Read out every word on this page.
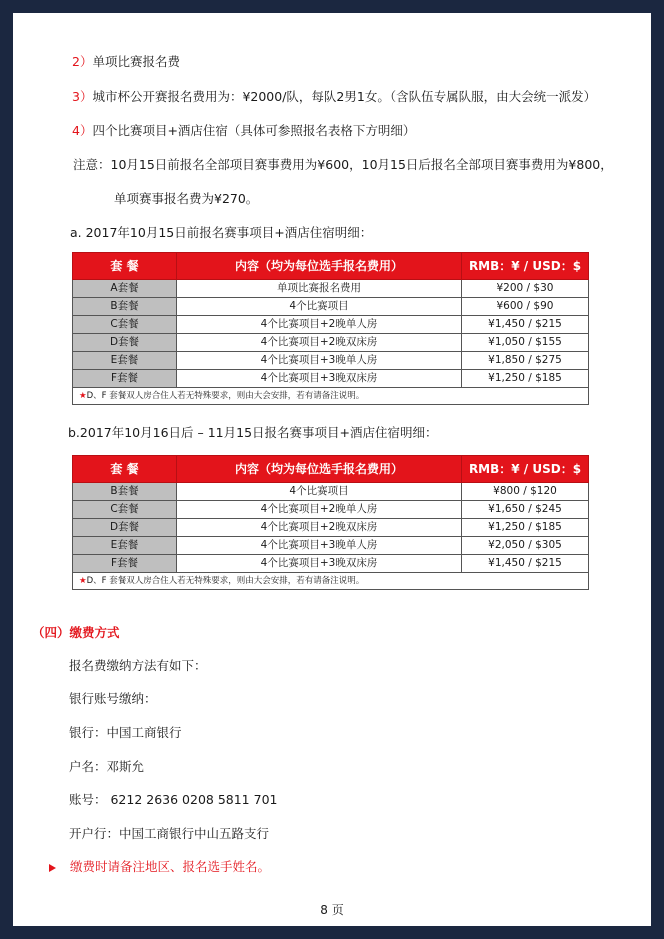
2）单项比赛报名费
3）城市杯公开赛报名费用为：¥2000/队，每队2男1女。（含队伍专属队服，由大会统一派发）
4）四个比赛项目+酒店住宿（具体可参照报名表格下方明细）
注意：10月15日前报名全部项目赛事费用为¥600，10月15日后报名全部项目赛事费用为¥800，
单项赛事报名费为¥270。
a. 2017年10月15日前报名赛事项目+酒店住宿明细：
套 餐	内容（均为每位选手报名费用）	RMB：¥ / USD：$
A套餐	单项比赛报名费用	¥200 / $30
B套餐	4个比赛项目	¥600 / $90
C套餐	4个比赛项目+2晚单人房	¥1,450 / $215
D套餐	4个比赛项目+2晚双床房	¥1,050 / $155
E套餐	4个比赛项目+3晚单人房	¥1,850 / $275
F套餐	4个比赛项目+3晚双床房	¥1,250 / $185
★D、F 套餐双人房合住人若无特殊要求，则由大会安排，若有请备注说明。		
b.2017年10月16日后 – 11月15日报名赛事项目+酒店住宿明细：
套 餐	内容（均为每位选手报名费用）	RMB：¥ / USD：$
B套餐	4个比赛项目	¥800 / $120
C套餐	4个比赛项目+2晚单人房	¥1,650 / $245
D套餐	4个比赛项目+2晚双床房	¥1,250 / $185
E套餐	4个比赛项目+3晚单人房	¥2,050 / $305
F套餐	4个比赛项目+3晚双床房	¥1,450 / $215
★D、F 套餐双人房合住人若无特殊要求，则由大会安排，若有请备注说明。		
（四）缴费方式
报名费缴纳方法有如下：
银行账号缴纳：
银行：中国工商银行
户名：邓斯允
账号： 6212 2636 0208 5811 701
开户行：中国工商银行中山五路支行
缴费时请备注地区、报名选手姓名。
8 页
